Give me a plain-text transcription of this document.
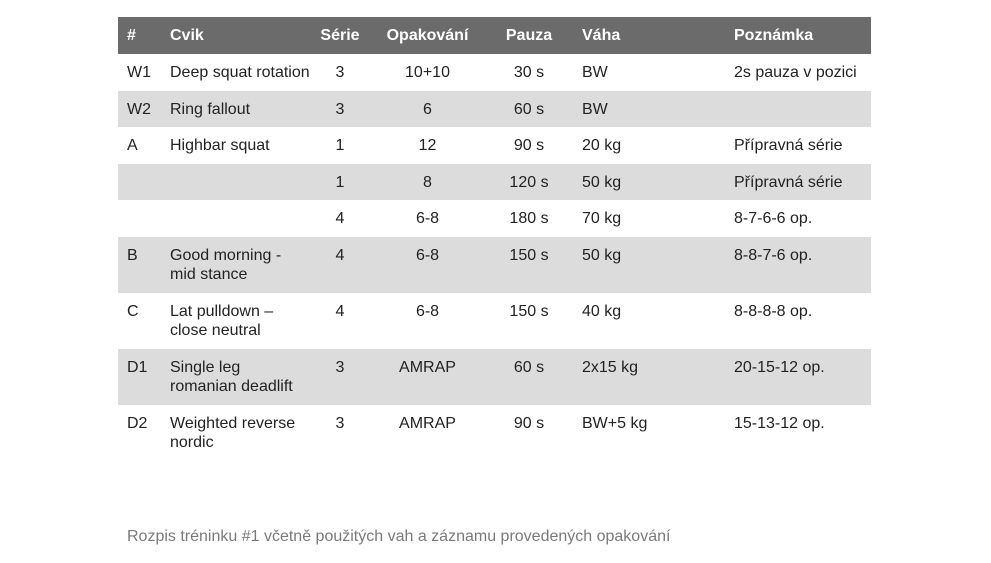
#	Cvik	Série	Opakování	Pauza	Váha	Poznámka
W1	Deep squat rotation	3	10+10	30 s	BW	2s pauza v pozici
W2	Ring fallout	3	6	60 s	BW	
A	Highbar squat	1	12	90 s	20 kg	Přípravná série
		1	8	120 s	50 kg	Přípravná série
		4	6-8	180 s	70 kg	8-7-6-6 op.
B	Good morning - mid stance	4	6-8	150 s	50 kg	8-8-7-6 op.
C	Lat pulldown – close neutral	4	6-8	150 s	40 kg	8-8-8-8 op.
D1	Single leg romanian deadlift	3	AMRAP	60 s	2x15 kg	20-15-12 op.
D2	Weighted reverse nordic	3	AMRAP	90 s	BW+5 kg	15-13-12 op.
Rozpis tréninku #1 včetně použitých vah a záznamu provedených opakování
